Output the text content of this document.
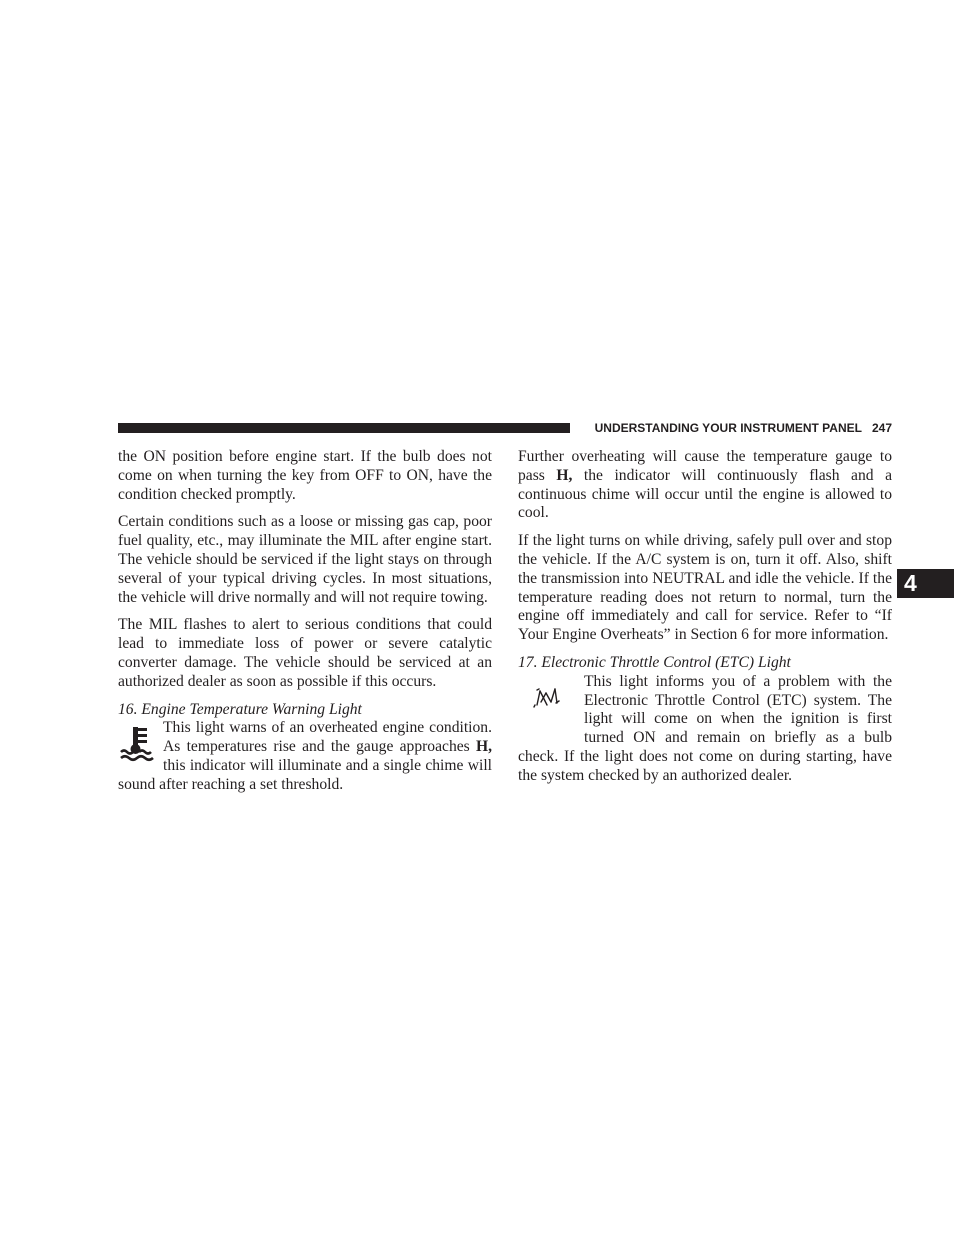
UNDERSTANDING YOUR INSTRUMENT PANEL 247
4

the ON position before engine start. If the bulb does not come on when turning the key from OFF to ON, have the condition checked promptly.

Certain conditions such as a loose or missing gas cap, poor fuel quality, etc., may illuminate the MIL after engine start. The vehicle should be serviced if the light stays on through several of your typical driving cycles. In most situations, the vehicle will drive normally and will not require towing.

The MIL flashes to alert to serious conditions that could lead to immediate loss of power or severe catalytic converter damage. The vehicle should be serviced at an authorized dealer as soon as possible if this occurs.

16. Engine Temperature Warning Light

This light warns of an overheated engine condition. As temperatures rise and the gauge approaches H, this indicator will illuminate and a single chime will sound after reaching a set threshold.

Further overheating will cause the temperature gauge to pass H, the indicator will continuously flash and a continuous chime will occur until the engine is allowed to cool.

If the light turns on while driving, safely pull over and stop the vehicle. If the A/C system is on, turn it off. Also, shift the transmission into NEUTRAL and idle the vehicle. If the temperature reading does not return to normal, turn the engine off immediately and call for service. Refer to “If Your Engine Overheats” in Section 6 for more information.

17. Electronic Throttle Control (ETC) Light

This light informs you of a problem with the Electronic Throttle Control (ETC) system. The light will come on when the ignition is first turned ON and remain on briefly as a bulb check. If the light does not come on during starting, have the system checked by an authorized dealer.
